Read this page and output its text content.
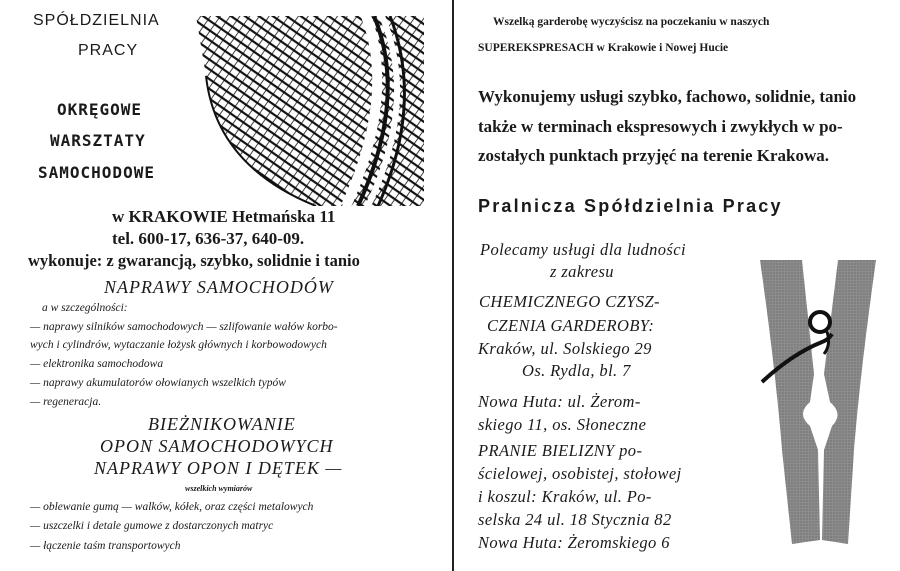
SPÓŁDZIELNIA
PRACY
OKRĘGOWE
WARSZTATY
SAMOCHODOWE
w KRAKOWIE Hetmańska 11
tel. 600-17, 636-37, 640-09.
wykonuje: z gwarancją, szybko, solidnie i tanio
NAPRAWY SAMOCHODÓW
a w szczególności:
— naprawy silników samochodowych — szlifowanie wałów korbo-
wych i cylindrów, wytaczanie łożysk głównych i korbowodowych
— elektronika samochodowa
— naprawy akumulatorów ołowianych wszelkich typów
— regeneracja.
BIEŻNIKOWANIE
OPON SAMOCHODOWYCH
NAPRAWY OPON I DĘTEK —
wszelkich wymiarów
— oblewanie gumą — walków, kółek, oraz części metalowych
— uszczelki i detale gumowe z dostarczonych matryc
— łączenie taśm transportowych
Wszelką garderobę wyczyścisz na poczekaniu w naszych
SUPEREKSPRESACH w Krakowie i Nowej Hucie
Wykonujemy usługi szybko, fachowo, solidnie, tanio
także w terminach ekspresowych i zwykłych w po-
zostałych punktach przyjęć na terenie Krakowa.
Pralnicza Spółdzielnia Pracy
Polecamy usługi dla ludności
z zakresu
CHEMICZNEGO CZYSZ-
CZENIA GARDEROBY:
Kraków, ul. Solskiego 29
Os. Rydla, bl. 7
Nowa Huta: ul. Żerom-
skiego 11, os. Słoneczne
PRANIE BIELIZNY po-
ścielowej, osobistej, stołowej
i koszul: Kraków, ul. Po-
selska 24 ul. 18 Stycznia 82
Nowa Huta: Żeromskiego 6
